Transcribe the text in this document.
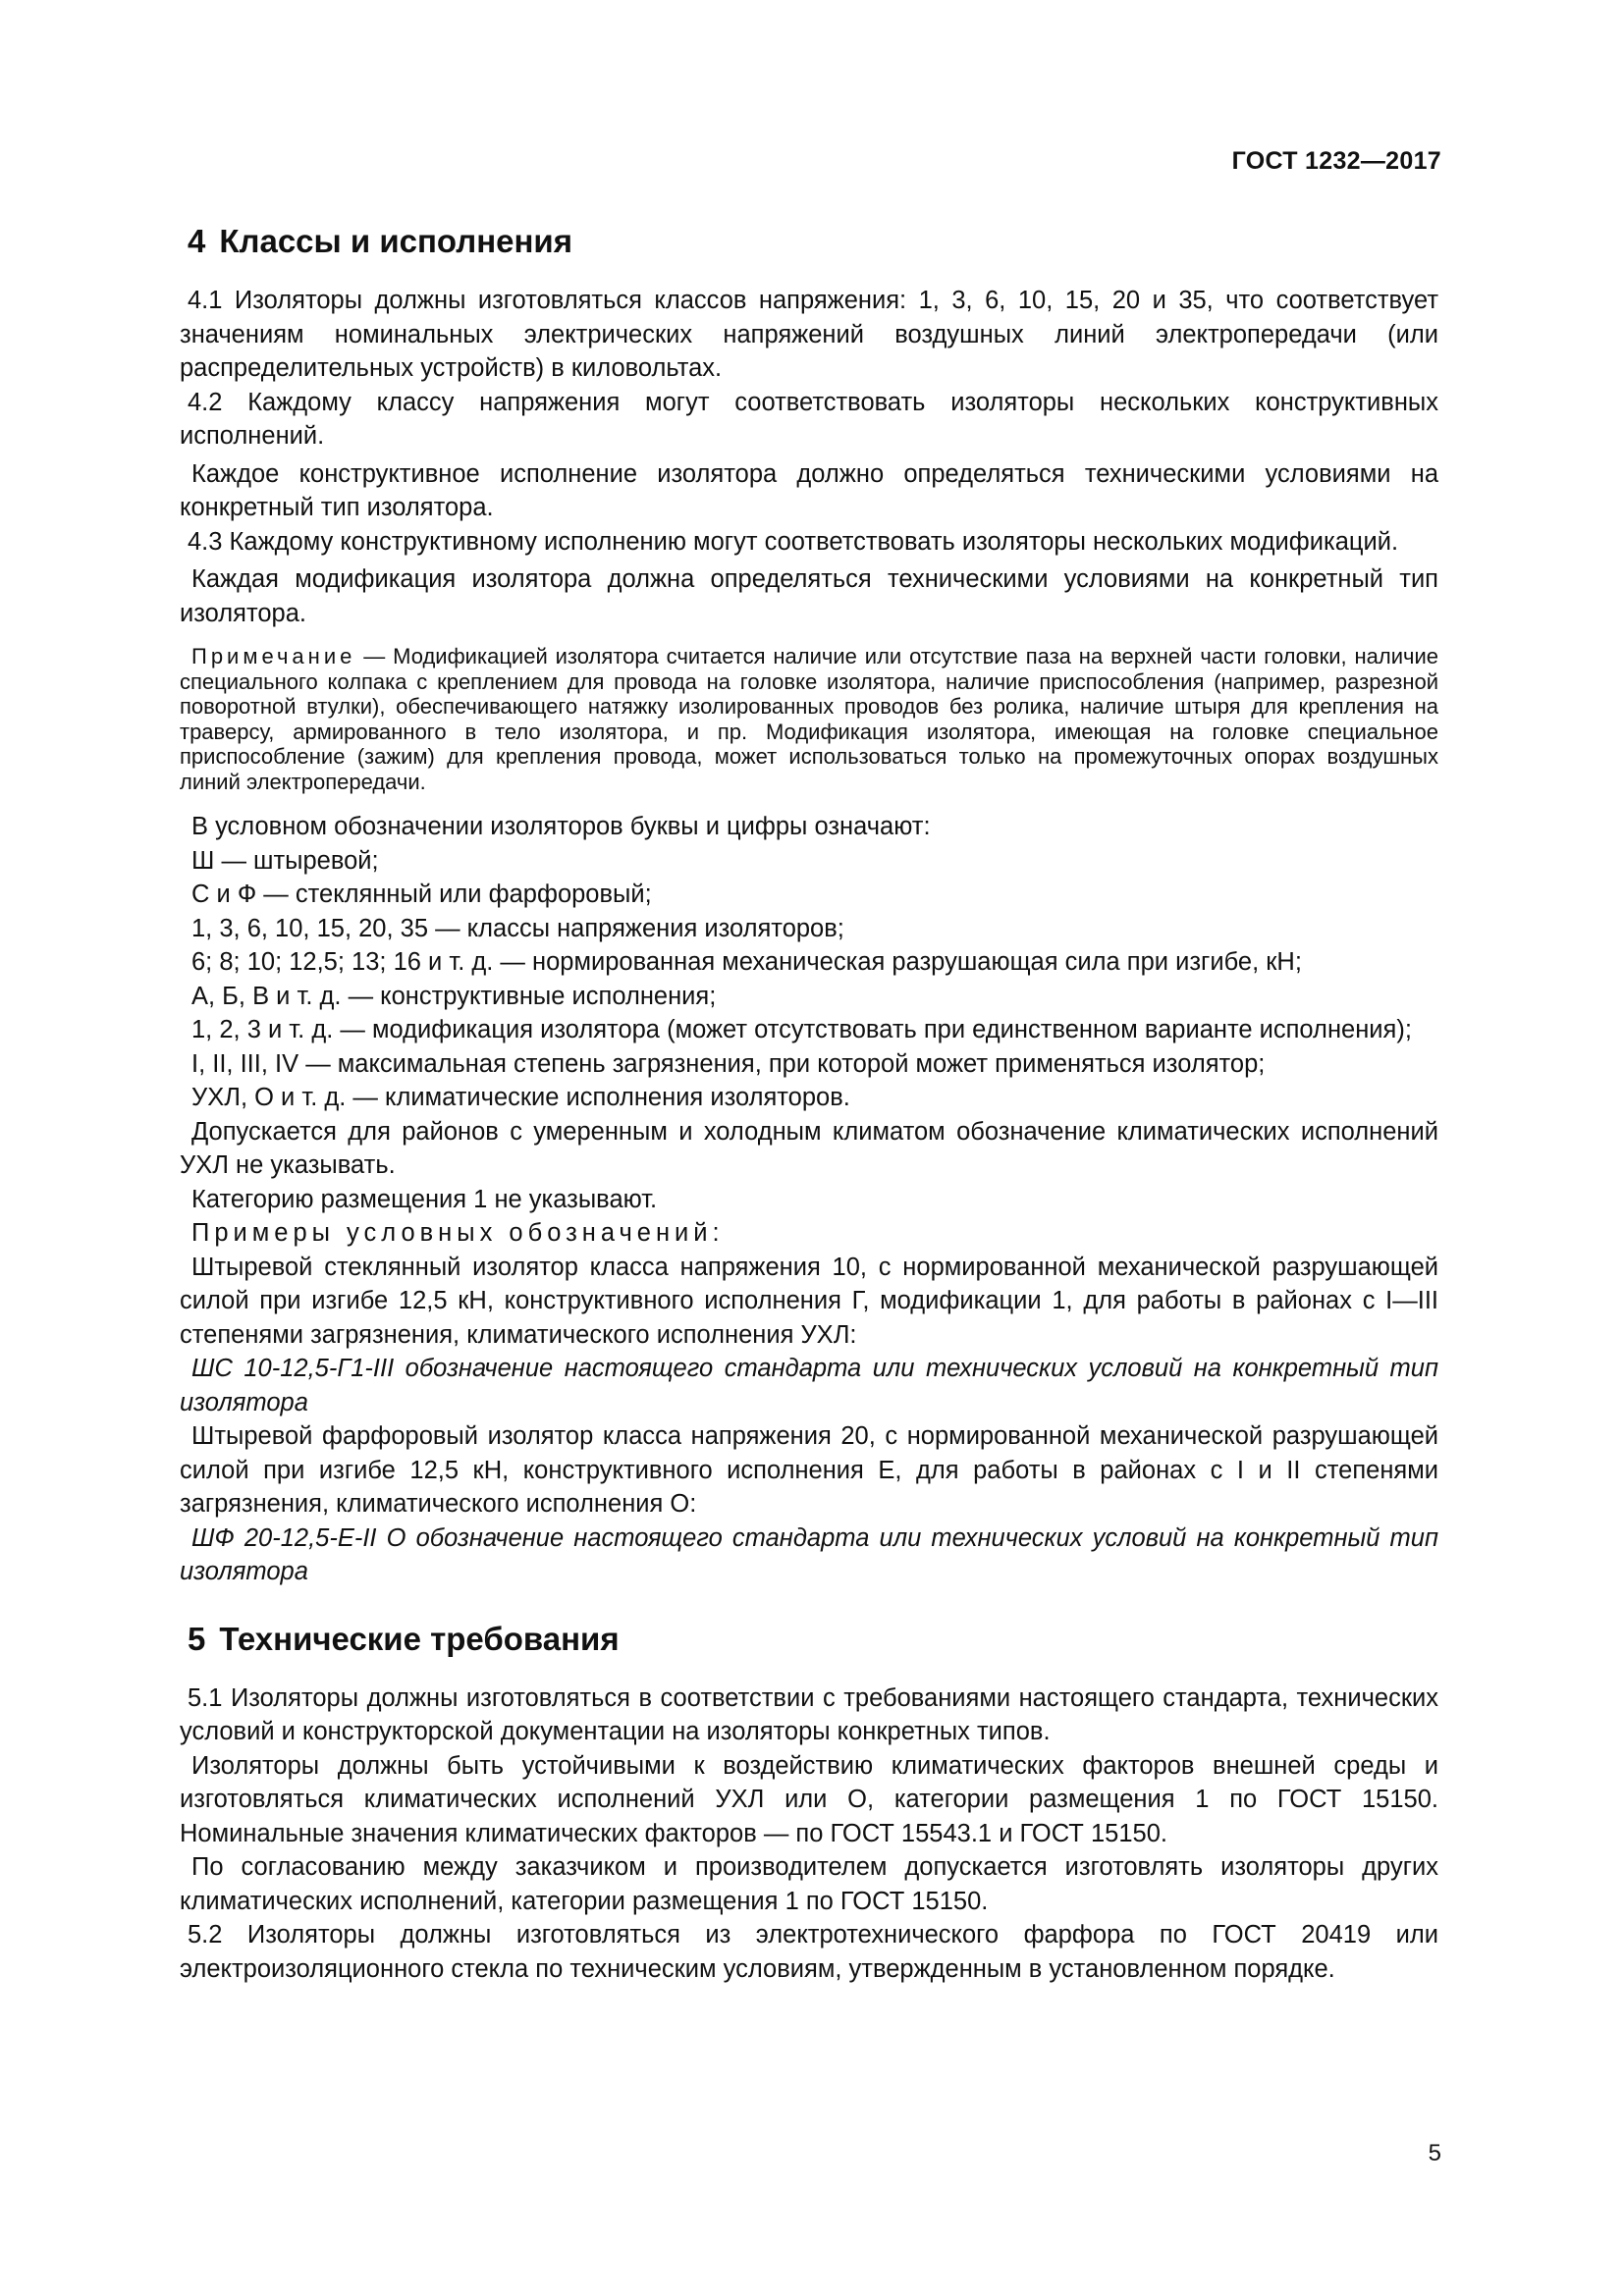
ГОСТ 1232—2017
4 Классы и исполнения

4.1 Изоляторы должны изготовляться классов напряжения: 1, 3, 6, 10, 15, 20 и 35, что соответствует значениям номинальных электрических напряжений воздушных линий электропередачи (или распределительных устройств) в киловольтах.

4.2 Каждому классу напряжения могут соответствовать изоляторы нескольких конструктивных исполнений.

Каждое конструктивное исполнение изолятора должно определяться техническими условиями на конкретный тип изолятора.

4.3 Каждому конструктивному исполнению могут соответствовать изоляторы нескольких модификаций.

Каждая модификация изолятора должна определяться техническими условиями на конкретный тип изолятора.

Примечание — Модификацией изолятора считается наличие или отсутствие паза на верхней части головки, наличие специального колпака с креплением для провода на головке изолятора, наличие приспособления (например, разрезной поворотной втулки), обеспечивающего натяжку изолированных проводов без ролика, наличие штыря для крепления на траверсу, армированного в тело изолятора, и пр. Модификация изолятора, имеющая на головке специальное приспособление (зажим) для крепления провода, может использоваться только на промежуточных опорах воздушных линий электропередачи.

В условном обозначении изоляторов буквы и цифры означают:

Ш — штыревой;

С и Ф — стеклянный или фарфоровый;

1, 3, 6, 10, 15, 20, 35 — классы напряжения изоляторов;

6; 8; 10; 12,5; 13; 16 и т. д. — нормированная механическая разрушающая сила при изгибе, кН;

А, Б, В и т. д. — конструктивные исполнения;

1, 2, 3 и т. д. — модификация изолятора (может отсутствовать при единственном варианте исполнения);

I, II, III, IV — максимальная степень загрязнения, при которой может применяться изолятор;

УХЛ, О и т. д. — климатические исполнения изоляторов.

Допускается для районов с умеренным и холодным климатом обозначение климатических исполнений УХЛ не указывать.

Категорию размещения 1 не указывают.

Примеры условных обозначений:

Штыревой стеклянный изолятор класса напряжения 10, с нормированной механической разрушающей силой при изгибе 12,5 кН, конструктивного исполнения Г, модификации 1, для работы в районах с I—III степенями загрязнения, климатического исполнения УХЛ:

ШС 10-12,5-Г1-III обозначение настоящего стандарта или технических условий на конкретный тип изолятора

Штыревой фарфоровый изолятор класса напряжения 20, с нормированной механической разрушающей силой при изгибе 12,5 кН, конструктивного исполнения Е, для работы в районах с I и II степенями загрязнения, климатического исполнения О:

ШФ 20-12,5-Е-II О обозначение настоящего стандарта или технических условий на конкретный тип изолятора

5 Технические требования

5.1 Изоляторы должны изготовляться в соответствии с требованиями настоящего стандарта, технических условий и конструкторской документации на изоляторы конкретных типов.

Изоляторы должны быть устойчивыми к воздействию климатических факторов внешней среды и изготовляться климатических исполнений УХЛ или О, категории размещения 1 по ГОСТ 15150. Номинальные значения климатических факторов — по ГОСТ 15543.1 и ГОСТ 15150.

По согласованию между заказчиком и производителем допускается изготовлять изоляторы других климатических исполнений, категории размещения 1 по ГОСТ 15150.

5.2 Изоляторы должны изготовляться из электротехнического фарфора по ГОСТ 20419 или электроизоляционного стекла по техническим условиям, утвержденным в установленном порядке.

5
